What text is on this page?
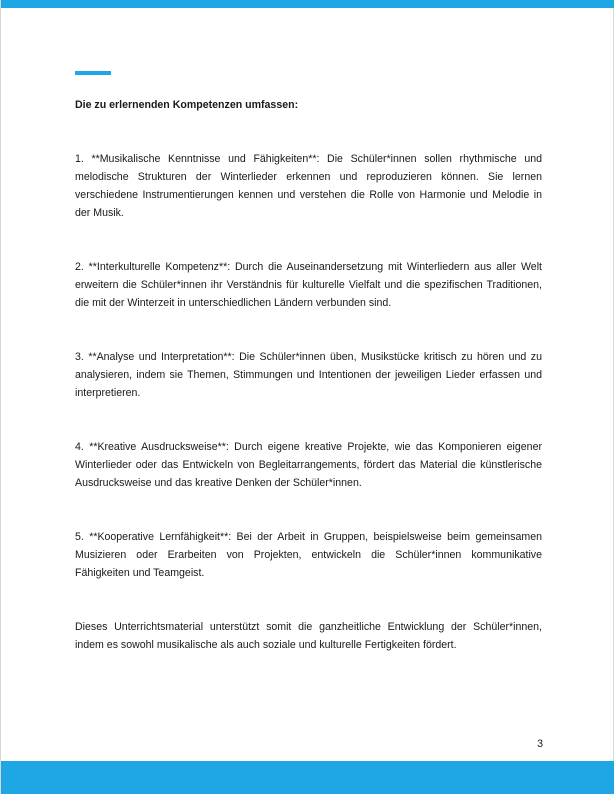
Die zu erlernenden Kompetenzen umfassen:

1. **Musikalische Kenntnisse und Fähigkeiten**: Die Schüler*innen sollen rhythmische und melodische Strukturen der Winterlieder erkennen und reproduzieren können. Sie lernen verschiedene Instrumentierungen kennen und verstehen die Rolle von Harmonie und Melodie in der Musik.

2. **Interkulturelle Kompetenz**: Durch die Auseinandersetzung mit Winterliedern aus aller Welt erweitern die Schüler*innen ihr Verständnis für kulturelle Vielfalt und die spezifischen Traditionen, die mit der Winterzeit in unterschiedlichen Ländern verbunden sind.

3. **Analyse und Interpretation**: Die Schüler*innen üben, Musikstücke kritisch zu hören und zu analysieren, indem sie Themen, Stimmungen und Intentionen der jeweiligen Lieder erfassen und interpretieren.

4. **Kreative Ausdrucksweise**: Durch eigene kreative Projekte, wie das Komponieren eigener Winterlieder oder das Entwickeln von Begleitarrangements, fördert das Material die künstlerische Ausdrucksweise und das kreative Denken der Schüler*innen.

5. **Kooperative Lernfähigkeit**: Bei der Arbeit in Gruppen, beispielsweise beim gemeinsamen Musizieren oder Erarbeiten von Projekten, entwickeln die Schüler*innen kommunikative Fähigkeiten und Teamgeist.

Dieses Unterrichtsmaterial unterstützt somit die ganzheitliche Entwicklung der Schüler*innen, indem es sowohl musikalische als auch soziale und kulturelle Fertigkeiten fördert.

3
